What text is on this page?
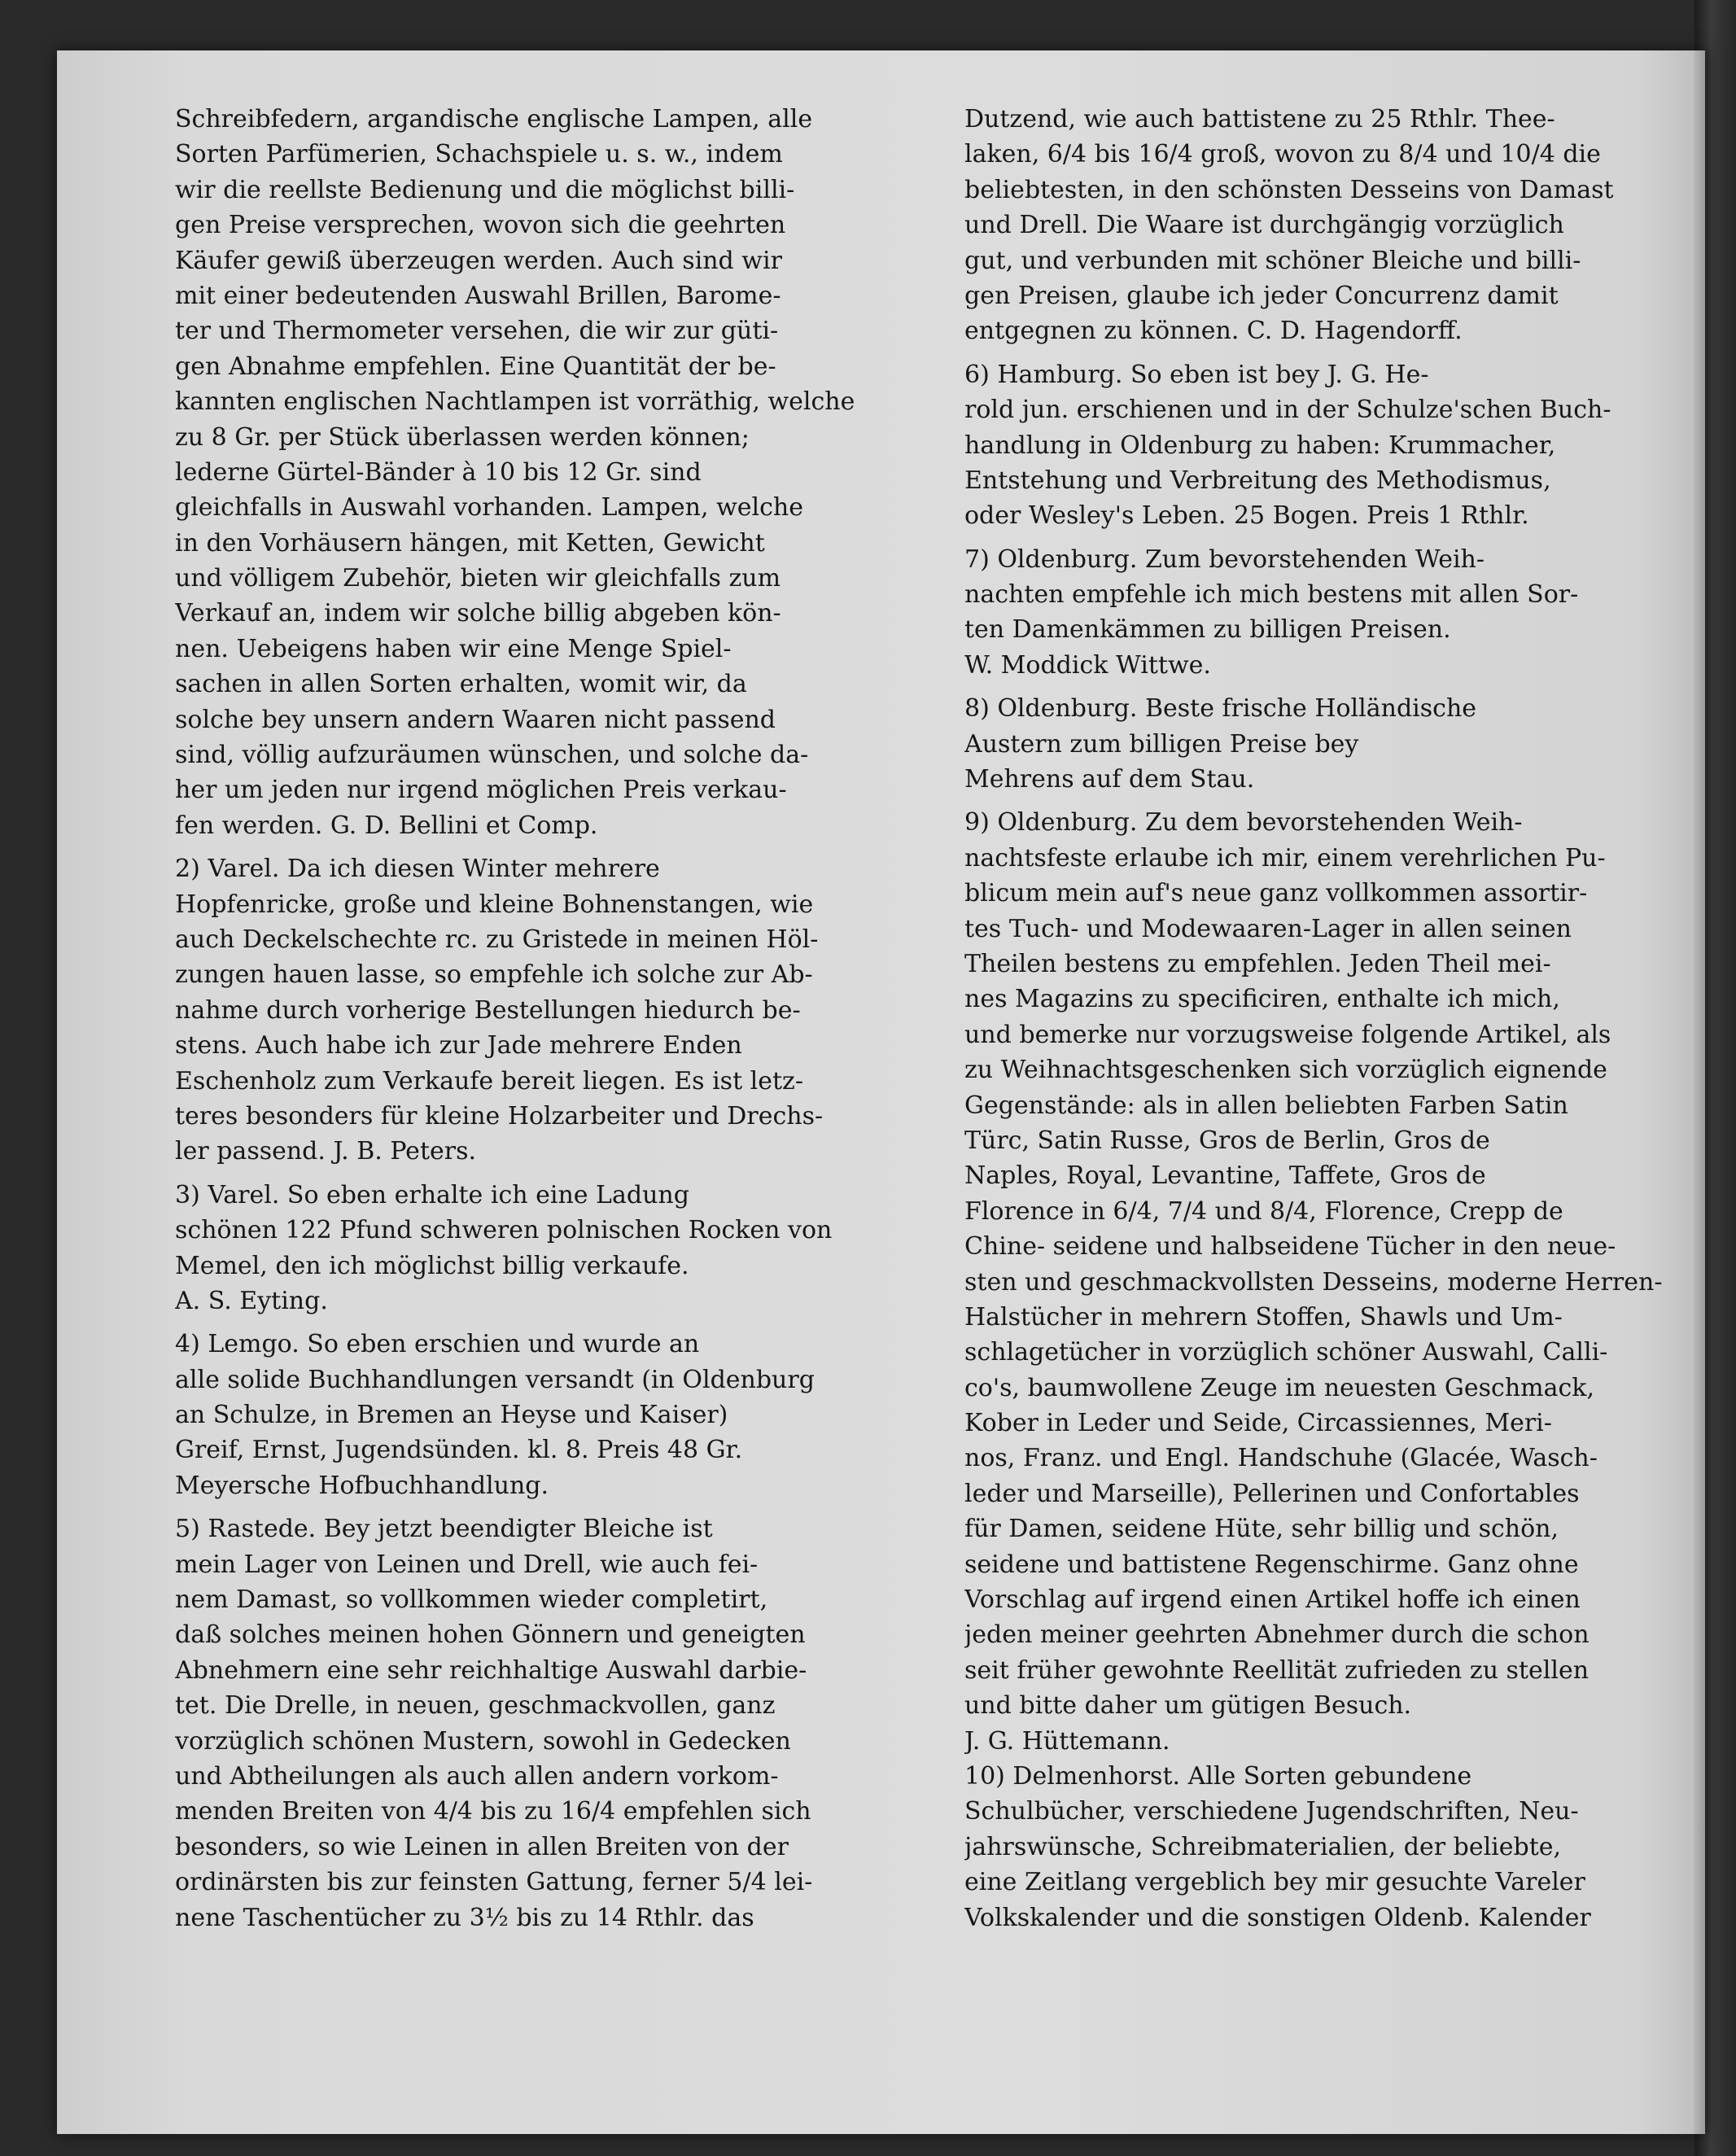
Schreibfedern, argandische englische Lampen, alle
Sorten Parfümerien, Schachspiele u. s. w., indem
wir die reellste Bedienung und die möglichst billi-
gen Preise versprechen, wovon sich die geehrten
Käufer gewiß überzeugen werden. Auch sind wir
mit einer bedeutenden Auswahl Brillen, Barome-
ter und Thermometer versehen, die wir zur güti-
gen Abnahme empfehlen. Eine Quantität der be-
kannten englischen Nachtlampen ist vorräthig, welche
zu 8 Gr. per Stück überlassen werden können;
lederne Gürtel-Bänder à 10 bis 12 Gr. sind
gleichfalls in Auswahl vorhanden. Lampen, welche
in den Vorhäusern hängen, mit Ketten, Gewicht
und völligem Zubehör, bieten wir gleichfalls zum
Verkauf an, indem wir solche billig abgeben kön-
nen. Uebeigens haben wir eine Menge Spiel-
sachen in allen Sorten erhalten, womit wir, da
solche bey unsern andern Waaren nicht passend
sind, völlig aufzuräumen wünschen, und solche da-
her um jeden nur irgend möglichen Preis verkau-
fen werden. G. D. Bellini et Comp.
2) Varel. Da ich diesen Winter mehrere
Hopfenricke, große und kleine Bohnenstangen, wie
auch Deckelschechte rc. zu Gristede in meinen Höl-
zungen hauen lasse, so empfehle ich solche zur Ab-
nahme durch vorherige Bestellungen hiedurch be-
stens. Auch habe ich zur Jade mehrere Enden
Eschenholz zum Verkaufe bereit liegen. Es ist letz-
teres besonders für kleine Holzarbeiter und Drechs-
ler passend. J. B. Peters.
3) Varel. So eben erhalte ich eine Ladung
schönen 122 Pfund schweren polnischen Rocken von
Memel, den ich möglichst billig verkaufe.
A. S. Eyting.
4) Lemgo. So eben erschien und wurde an
alle solide Buchhandlungen versandt (in Oldenburg
an Schulze, in Bremen an Heyse und Kaiser)
Greif, Ernst, Jugendsünden. kl. 8. Preis 48 Gr.
Meyersche Hofbuchhandlung.
5) Rastede. Bey jetzt beendigter Bleiche ist
mein Lager von Leinen und Drell, wie auch fei-
nem Damast, so vollkommen wieder completirt,
daß solches meinen hohen Gönnern und geneigten
Abnehmern eine sehr reichhaltige Auswahl darbie-
tet. Die Drelle, in neuen, geschmackvollen, ganz
vorzüglich schönen Mustern, sowohl in Gedecken
und Abtheilungen als auch allen andern vorkom-
menden Breiten von 4/4 bis zu 16/4 empfehlen sich
besonders, so wie Leinen in allen Breiten von der
ordinärsten bis zur feinsten Gattung, ferner 5/4 lei-
nene Taschentücher zu 3½ bis zu 14 Rthlr. das
Dutzend, wie auch battistene zu 25 Rthlr. Thee-
laken, 6/4 bis 16/4 groß, wovon zu 8/4 und 10/4 die
beliebtesten, in den schönsten Desseins von Damast
und Drell. Die Waare ist durchgängig vorzüglich
gut, und verbunden mit schöner Bleiche und billi-
gen Preisen, glaube ich jeder Concurrenz damit
entgegnen zu können. C. D. Hagendorff.
6) Hamburg. So eben ist bey J. G. He-
rold jun. erschienen und in der Schulze'schen Buch-
handlung in Oldenburg zu haben: Krummacher,
Entstehung und Verbreitung des Methodismus,
oder Wesley's Leben. 25 Bogen. Preis 1 Rthlr.
7) Oldenburg. Zum bevorstehenden Weih-
nachten empfehle ich mich bestens mit allen Sor-
ten Damenkämmen zu billigen Preisen.
W. Moddick Wittwe.
8) Oldenburg. Beste frische Holländische
Austern zum billigen Preise bey
Mehrens auf dem Stau.
9) Oldenburg. Zu dem bevorstehenden Weih-
nachtsfeste erlaube ich mir, einem verehrlichen Pu-
blicum mein auf's neue ganz vollkommen assortir-
tes Tuch- und Modewaaren-Lager in allen seinen
Theilen bestens zu empfehlen. Jeden Theil mei-
nes Magazins zu specificiren, enthalte ich mich,
und bemerke nur vorzugsweise folgende Artikel, als
zu Weihnachtsgeschenken sich vorzüglich eignende
Gegenstände: als in allen beliebten Farben Satin
Türc, Satin Russe, Gros de Berlin, Gros de
Naples, Royal, Levantine, Taffete, Gros de
Florence in 6/4, 7/4 und 8/4, Florence, Crepp de
Chine- seidene und halbseidene Tücher in den neue-
sten und geschmackvollsten Desseins, moderne Herren-
Halstücher in mehrern Stoffen, Shawls und Um-
schlagetücher in vorzüglich schöner Auswahl, Calli-
co's, baumwollene Zeuge im neuesten Geschmack,
Kober in Leder und Seide, Circassiennes, Meri-
nos, Franz. und Engl. Handschuhe (Glacée, Wasch-
leder und Marseille), Pellerinen und Confortables
für Damen, seidene Hüte, sehr billig und schön,
seidene und battistene Regenschirme. Ganz ohne
Vorschlag auf irgend einen Artikel hoffe ich einen
jeden meiner geehrten Abnehmer durch die schon
seit früher gewohnte Reellität zufrieden zu stellen
und bitte daher um gütigen Besuch.
J. G. Hüttemann.
10) Delmenhorst. Alle Sorten gebundene
Schulbücher, verschiedene Jugendschriften, Neu-
jahrswünsche, Schreibmaterialien, der beliebte,
eine Zeitlang vergeblich bey mir gesuchte Vareler
Volkskalender und die sonstigen Oldenb. Kalender
